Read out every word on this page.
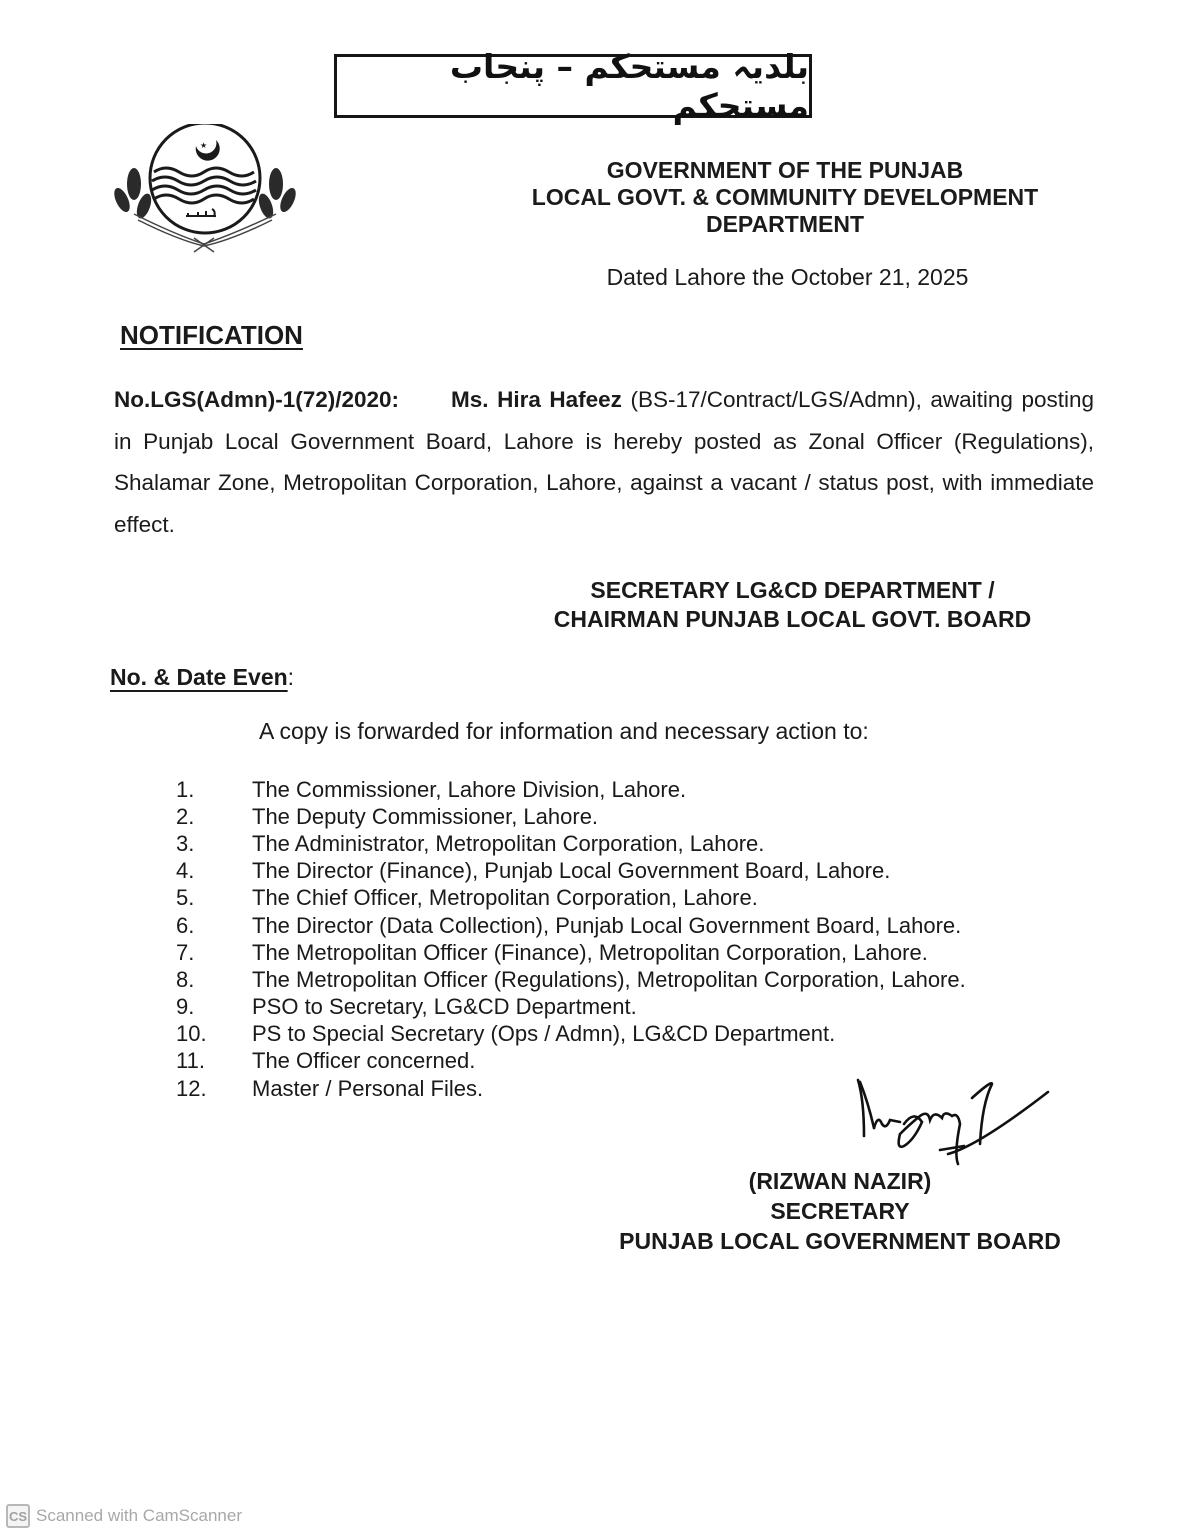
بلدیہ مستحکم – پنجاب مستحکم
★
GOVERNMENT OF THE PUNJAB
LOCAL GOVT. & COMMUNITY DEVELOPMENT
DEPARTMENT
Dated Lahore the October 21, 2025
NOTIFICATION
No.LGS(Admn)-1(72)/2020: Ms. Hira Hafeez (BS-17/Contract/LGS/Admn), awaiting posting in Punjab Local Government Board, Lahore is hereby posted as Zonal Officer (Regulations), Shalamar Zone, Metropolitan Corporation, Lahore, against a vacant / status post, with immediate effect.
SECRETARY LG&CD DEPARTMENT /
CHAIRMAN PUNJAB LOCAL GOVT. BOARD
No. & Date Even:
A copy is forwarded for information and necessary action to:
1.	The Commissioner, Lahore Division, Lahore.
2.	The Deputy Commissioner, Lahore.
3.	The Administrator, Metropolitan Corporation, Lahore.
4.	The Director (Finance), Punjab Local Government Board, Lahore.
5.	The Chief Officer, Metropolitan Corporation, Lahore.
6.	The Director (Data Collection), Punjab Local Government Board, Lahore.
7.	The Metropolitan Officer (Finance), Metropolitan Corporation, Lahore.
8.	The Metropolitan Officer (Regulations), Metropolitan Corporation, Lahore.
9.	PSO to Secretary, LG&CD Department.
10.	PS to Special Secretary (Ops / Admn), LG&CD Department.
11.	The Officer concerned.
12.	Master / Personal Files.
(RIZWAN NAZIR)
SECRETARY
PUNJAB LOCAL GOVERNMENT BOARD
CS Scanned with CamScanner
